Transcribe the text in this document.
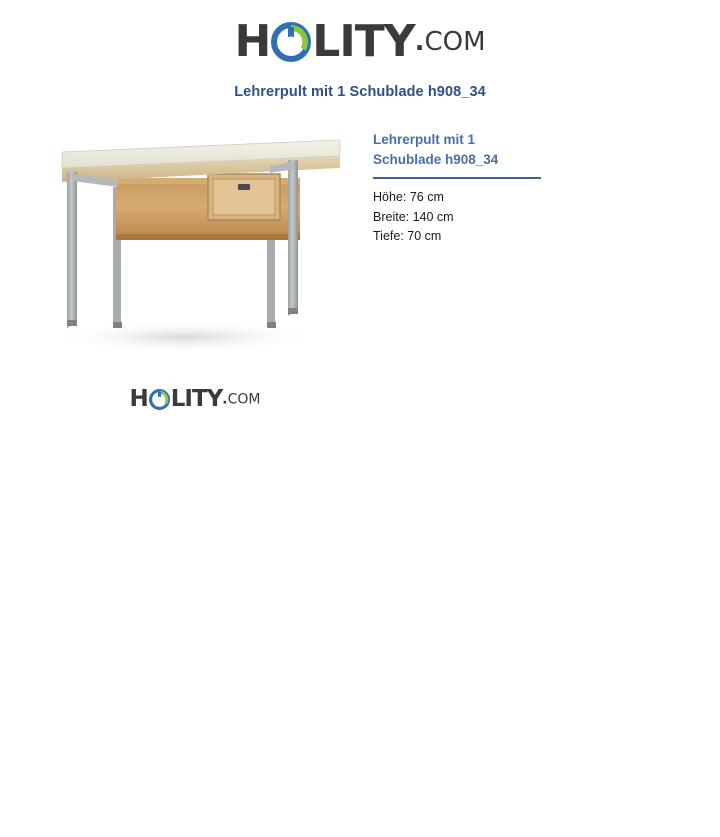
H LITY.COM
Lehrerpult mit 1 Schublade h908_34
Lehrerpult mit 1 Schublade h908_34
Höhe: 76 cm
Breite: 140 cm
Tiefe: 70 cm
H LITY.COM
